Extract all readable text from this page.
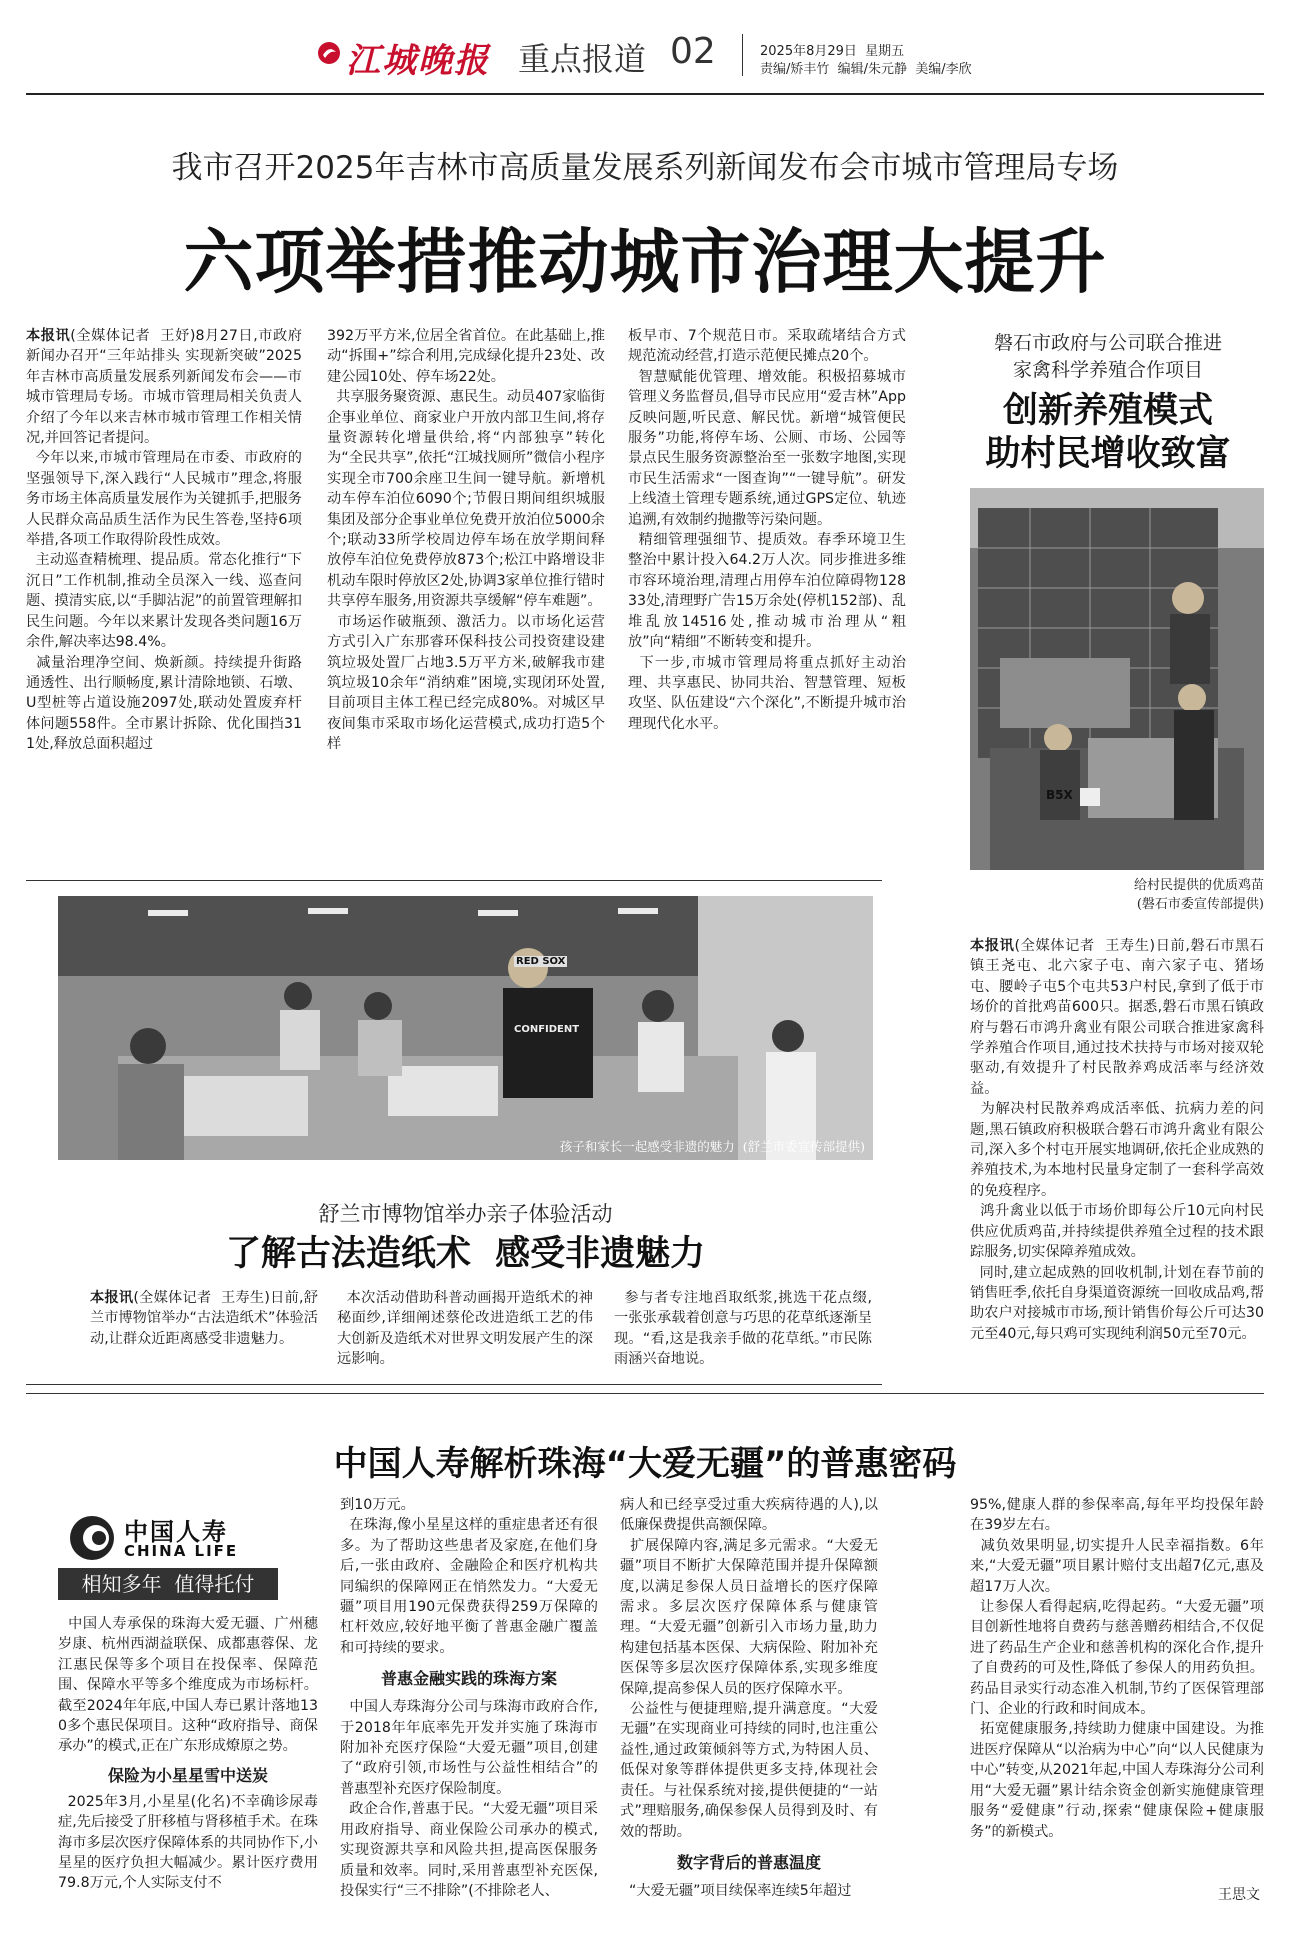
江城晚报 重点报道 02	2025年8月29日  星期五
责编/矫丰竹  编辑/朱元静  美编/李欣
我市召开2025年吉林市高质量发展系列新闻发布会市城市管理局专场
六项举措推动城市治理大提升

本报讯(全媒体记者  王妤)8月27日,市政府新闻办召开“三年站排头 实现新突破”2025年吉林市高质量发展系列新闻发布会——市城市管理局专场。市城市管理局相关负责人介绍了今年以来吉林市城市管理工作相关情况,并回答记者提问。
今年以来,市城市管理局在市委、市政府的坚强领导下,深入践行“人民城市”理念,将服务市场主体高质量发展作为关键抓手,把服务人民群众高品质生活作为民生答卷,坚持6项举措,各项工作取得阶段性成效。
主动巡查精梳理、提品质。常态化推行“下沉日”工作机制,推动全员深入一线、巡查问题、摸清实底,以“手脚沾泥”的前置管理解扣民生问题。今年以来累计发现各类问题16万余件,解决率达98.4%。
减量治理净空间、焕新颜。持续提升街路通透性、出行顺畅度,累计清除地锁、石墩、U型桩等占道设施2097处,联动处置废弃杆体问题558件。全市累计拆除、优化围挡311处,释放总面积超过

392万平方米,位居全省首位。在此基础上,推动“拆围+”综合利用,完成绿化提升23处、改建公园10处、停车场22处。
共享服务聚资源、惠民生。动员407家临街企事业单位、商家业户开放内部卫生间,将存量资源转化增量供给,将“内部独享”转化为“全民共享”,依托“江城找厕所”微信小程序实现全市700余座卫生间一键导航。新增机动车停车泊位6090个;节假日期间组织城服集团及部分企事业单位免费开放泊位5000余个;联动33所学校周边停车场在放学期间释放停车泊位免费停放873个;松江中路增设非机动车限时停放区2处,协调3家单位推行错时共享停车服务,用资源共享缓解“停车难题”。
市场运作破瓶颈、激活力。以市场化运营方式引入广东那睿环保科技公司投资建设建筑垃圾处置厂占地3.5万平方米,破解我市建筑垃圾10余年“消纳难”困境,实现闭环处置,目前项目主体工程已经完成80%。对城区早夜间集市采取市场化运营模式,成功打造5个样

板早市、7个规范日市。采取疏堵结合方式规范流动经营,打造示范便民摊点20个。
智慧赋能优管理、增效能。积极招募城市管理义务监督员,倡导市民应用“爱吉林”App反映问题,听民意、解民忧。新增“城管便民服务”功能,将停车场、公厕、市场、公园等景点民生服务资源整治至一张数字地图,实现市民生活需求“一图查询”“一键导航”。研发上线渣土管理专题系统,通过GPS定位、轨迹追溯,有效制约抛撒等污染问题。
精细管理强细节、提质效。春季环境卫生整治中累计投入64.2万人次。同步推进多维市容环境治理,清理占用停车泊位障碍物12833处,清理野广告15万余处(停机152部)、乱堆乱放14516处,推动城市治理从“粗放”向“精细”不断转变和提升。
下一步,市城市管理局将重点抓好主动治理、共享惠民、协同共治、智慧管理、短板攻坚、队伍建设“六个深化”,不断提升城市治理现代化水平。

磐石市政府与公司联合推进
家禽科学养殖合作项目
创新养殖模式
助村民增收致富
B5X
给村民提供的优质鸡苗
(磐石市委宣传部提供)

本报讯(全媒体记者  王寿生)日前,磐石市黑石镇王尧屯、北六家子屯、南六家子屯、猪场屯、腰岭子屯5个屯共53户村民,拿到了低于市场价的首批鸡苗600只。据悉,磐石市黑石镇政府与磐石市鸿升禽业有限公司联合推进家禽科学养殖合作项目,通过技术扶持与市场对接双轮驱动,有效提升了村民散养鸡成活率与经济效益。
为解决村民散养鸡成活率低、抗病力差的问题,黑石镇政府积极联合磐石市鸿升禽业有限公司,深入多个村屯开展实地调研,依托企业成熟的养殖技术,为本地村民量身定制了一套科学高效的免疫程序。
鸿升禽业以低于市场价即每公斤10元向村民供应优质鸡苗,并持续提供养殖全过程的技术跟踪服务,切实保障养殖成效。
同时,建立起成熟的回收机制,计划在春节前的销售旺季,依托自身渠道资源统一回收成品鸡,帮助农户对接城市市场,预计销售价每公斤可达30元至40元,每只鸡可实现纯利润50元至70元。

RED SOX
CONFIDENT
孩子和家长一起感受非遗的魅力  (舒兰市委宣传部提供)
舒兰市博物馆举办亲子体验活动
了解古法造纸术  感受非遗魅力

本报讯(全媒体记者  王寿生)日前,舒兰市博物馆举办“古法造纸术”体验活动,让群众近距离感受非遗魅力。

本次活动借助科普动画揭开造纸术的神秘面纱,详细阐述蔡伦改进造纸工艺的伟大创新及造纸术对世界文明发展产生的深远影响。

参与者专注地舀取纸浆,挑选干花点缀,一张张承载着创意与巧思的花草纸逐渐呈现。“看,这是我亲手做的花草纸。”市民陈雨涵兴奋地说。

中国人寿解析珠海“大爱无疆”的普惠密码
中国人寿
CHINA LIFE
相知多年  值得托付

中国人寿承保的珠海大爱无疆、广州穗岁康、杭州西湖益联保、成都惠蓉保、龙江惠民保等多个项目在投保率、保障范围、保障水平等多个维度成为市场标杆。截至2024年年底,中国人寿已累计落地130多个惠民保项目。这种“政府指导、商保承办”的模式,正在广东形成燎原之势。

保险为小星星雪中送炭

2025年3月,小星星(化名)不幸确诊尿毒症,先后接受了肝移植与肾移植手术。在珠海市多层次医疗保障体系的共同协作下,小星星的医疗负担大幅减少。累计医疗费用79.8万元,个人实际支付不

到10万元。
在珠海,像小星星这样的重症患者还有很多。为了帮助这些患者及家庭,在他们身后,一张由政府、金融险企和医疗机构共同编织的保障网正在悄然发力。“大爱无疆”项目用190元保费获得259万保障的杠杆效应,较好地平衡了普惠金融广覆盖和可持续的要求。

普惠金融实践的珠海方案

中国人寿珠海分公司与珠海市政府合作,于2018年年底率先开发并实施了珠海市附加补充医疗保险“大爱无疆”项目,创建了“政府引领,市场性与公益性相结合”的普惠型补充医疗保险制度。
政企合作,普惠于民。“大爱无疆”项目采用政府指导、商业保险公司承办的模式,实现资源共享和风险共担,提高医保服务质量和效率。同时,采用普惠型补充医保,投保实行“三不排除”(不排除老人、

病人和已经享受过重大疾病待遇的人),以低廉保费提供高额保障。
扩展保障内容,满足多元需求。“大爱无疆”项目不断扩大保障范围并提升保障额度,以满足参保人员日益增长的医疗保障需求。多层次医疗保障体系与健康管理。“大爱无疆”创新引入市场力量,助力构建包括基本医保、大病保险、附加补充医保等多层次医疗保障体系,实现多维度保障,提高参保人员的医疗保障水平。
公益性与便捷理赔,提升满意度。“大爱无疆”在实现商业可持续的同时,也注重公益性,通过政策倾斜等方式,为特困人员、低保对象等群体提供更多支持,体现社会责任。与社保系统对接,提供便捷的“一站式”理赔服务,确保参保人员得到及时、有效的帮助。

数字背后的普惠温度

“大爱无疆”项目续保率连续5年超过

95%,健康人群的参保率高,每年平均投保年龄在39岁左右。
减负效果明显,切实提升人民幸福指数。6年来,“大爱无疆”项目累计赔付支出超7亿元,惠及超17万人次。
让参保人看得起病,吃得起药。“大爱无疆”项目创新性地将自费药与慈善赠药相结合,不仅促进了药品生产企业和慈善机构的深化合作,提升了自费药的可及性,降低了参保人的用药负担。药品目录实行动态准入机制,节约了医保管理部门、企业的行政和时间成本。
拓宽健康服务,持续助力健康中国建设。为推进医疗保障从“以治病为中心”向“以人民健康为中心”转变,从2021年起,中国人寿珠海分公司利用“大爱无疆”累计结余资金创新实施健康管理服务“爱健康”行动,探索“健康保险+健康服务”的新模式。

王思文
